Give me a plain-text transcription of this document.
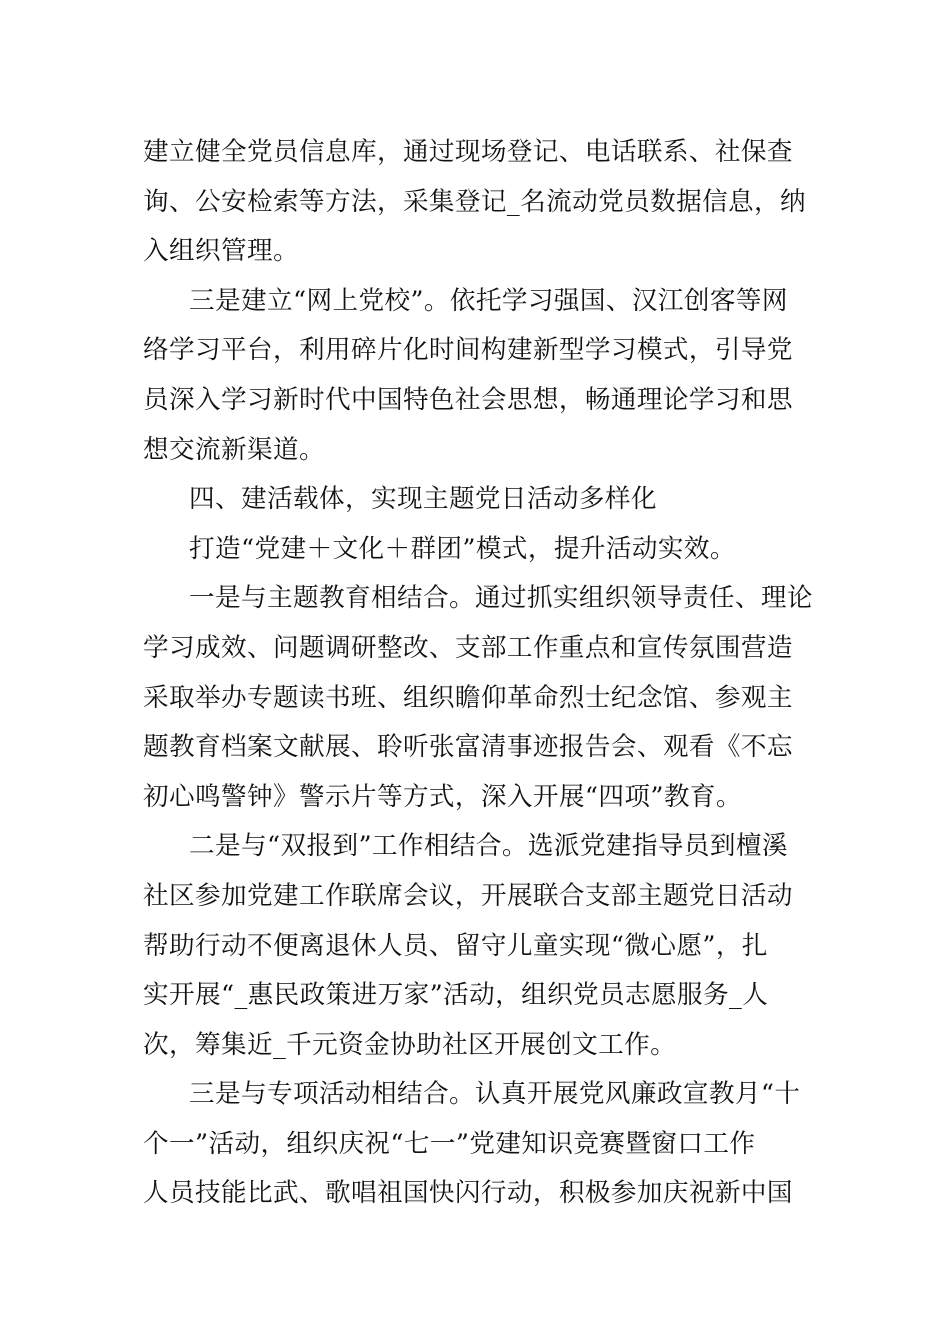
建立健全党员信息库，通过现场登记、电话联系、社保查
询、公安检索等方法，采集登记_名流动党员数据信息，纳
入组织管理。
三是建立“网上党校”。依托学习强国、汉江创客等网
络学习平台，利用碎片化时间构建新型学习模式，引导党
员深入学习新时代中国特色社会思想，畅通理论学习和思
想交流新渠道。
四、建活载体，实现主题党日活动多样化
打造“党建＋文化＋群团”模式，提升活动实效。
一是与主题教育相结合。通过抓实组织领导责任、理论
学习成效、问题调研整改、支部工作重点和宣传氛围营造
采取举办专题读书班、组织瞻仰革命烈士纪念馆、参观主
题教育档案文献展、聆听张富清事迹报告会、观看《不忘
初心鸣警钟》警示片等方式，深入开展“四项”教育。
二是与“双报到”工作相结合。选派党建指导员到檀溪
社区参加党建工作联席会议，开展联合支部主题党日活动
帮助行动不便离退休人员、留守儿童实现“微心愿”，扎
实开展“_惠民政策进万家”活动，组织党员志愿服务_人
次，筹集近_千元资金协助社区开展创文工作。
三是与专项活动相结合。认真开展党风廉政宣教月“十
个一”活动，组织庆祝“七一”党建知识竞赛暨窗口工作
人员技能比武、歌唱祖国快闪行动，积极参加庆祝新中国
